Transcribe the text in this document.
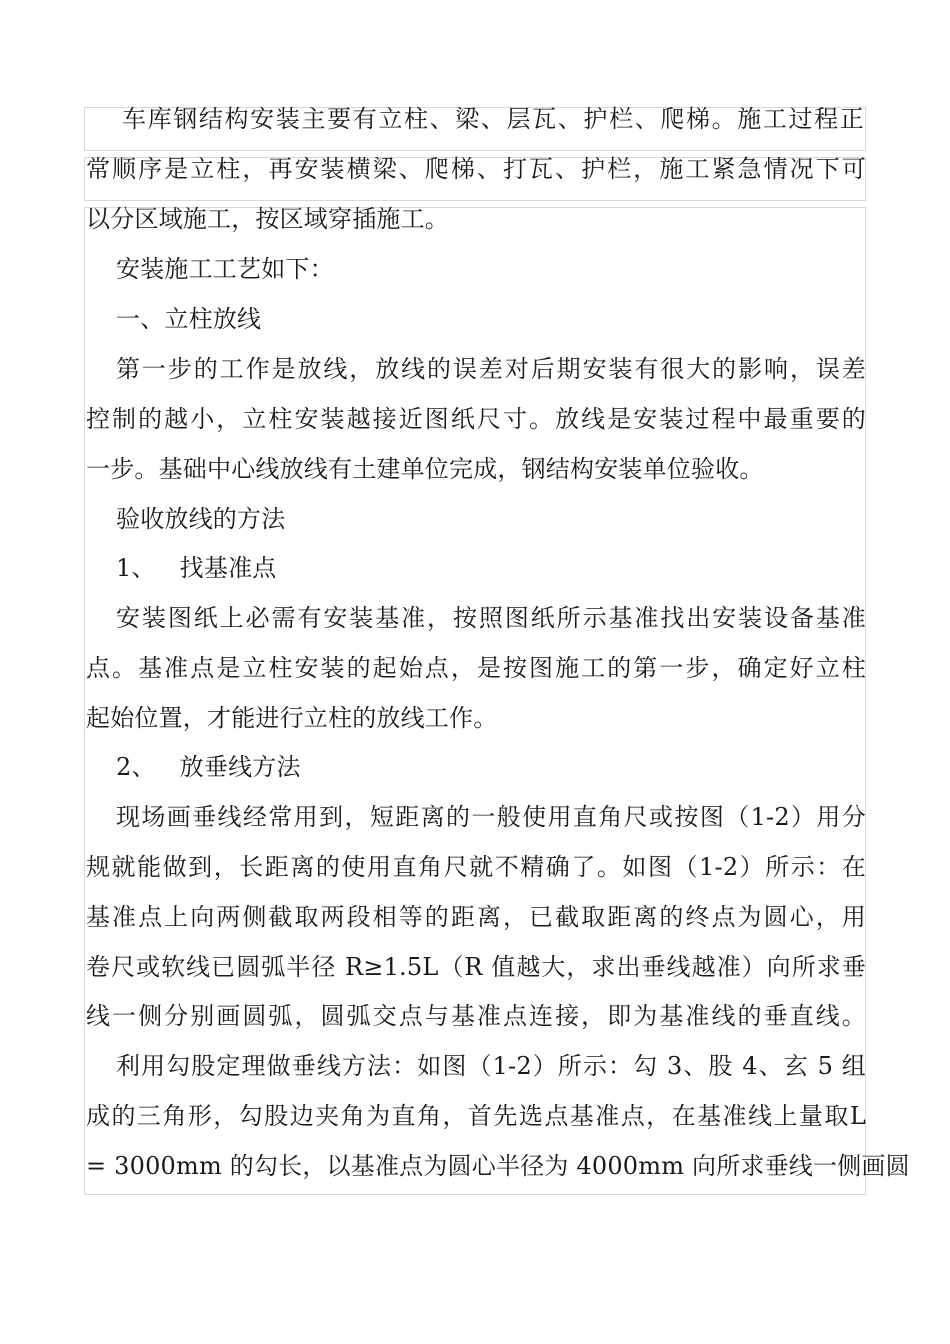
车库钢结构安装主要有立柱、梁、层瓦、护栏、爬梯。施工过程正
常顺序是立柱，再安装横梁、爬梯、打瓦、护栏，施工紧急情况下可
以分区域施工，按区域穿插施工。
安装施工工艺如下：
一、立柱放线
第一步的工作是放线，放线的误差对后期安装有很大的影响，误差
控制的越小，立柱安装越接近图纸尺寸。放线是安装过程中最重要的
一步。基础中心线放线有土建单位完成，钢结构安装单位验收。
验收放线的方法
1、 找基准点
安装图纸上必需有安装基准，按照图纸所示基准找出安装设备基准
点。基准点是立柱安装的起始点，是按图施工的第一步，确定好立柱
起始位置，才能进行立柱的放线工作。
2、 放垂线方法
现场画垂线经常用到，短距离的一般使用直角尺或按图（1-2）用分
规就能做到，长距离的使用直角尺就不精确了。如图（1-2）所示：在
基准点上向两侧截取两段相等的距离，已截取距离的终点为圆心，用
卷尺或软线已圆弧半径 R≥1.5L（R 值越大，求出垂线越准）向所求垂
线一侧分别画圆弧，圆弧交点与基准点连接，即为基准线的垂直线。
利用勾股定理做垂线方法：如图（1-2）所示：勾 3、股 4、玄 5 组
成的三角形，勾股边夹角为直角，首先选点基准点，在基准线上量取L
= 3000mm 的勾长，以基准点为圆心半径为 4000mm 向所求垂线一侧画圆
